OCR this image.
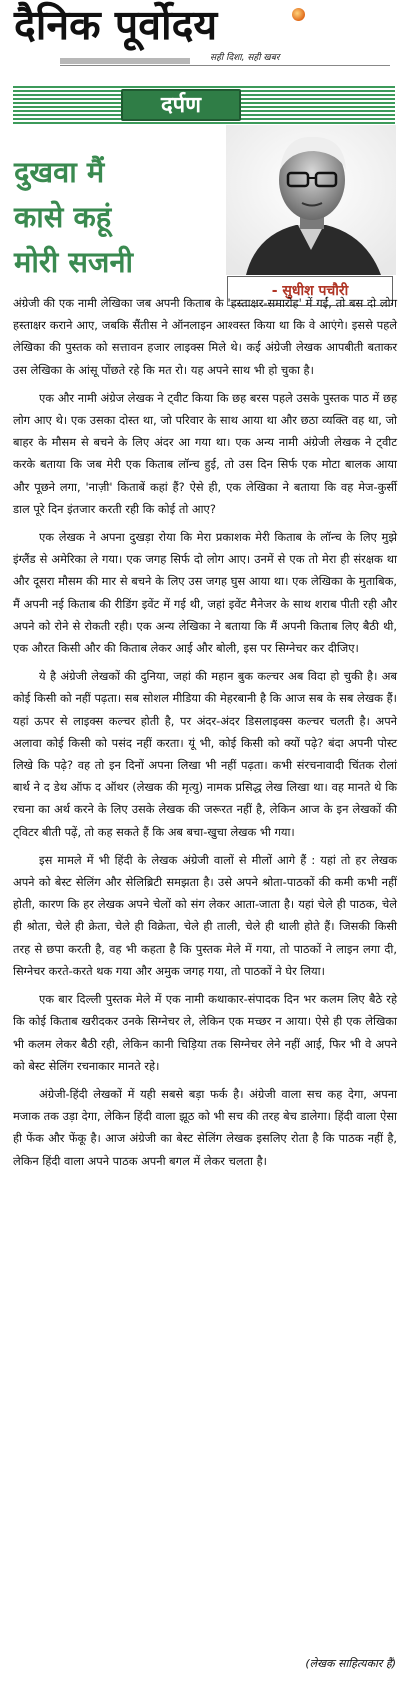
दैनिक पूर्वोदय
सही दिशा, सही खबर
दर्पण
दुखवा मैं
कासे कहूं
मोरी सजनी
- सुधीश पचौरी

अंग्रेजी की एक नामी लेखिका जब अपनी किताब के 'हस्ताक्षर-समारोह' में गईं, तो बस दो लोग हस्ताक्षर कराने आए, जबकि सैंतीस ने ऑनलाइन आश्वस्त किया था कि वे आएंगे। इससे पहले लेखिका की पुस्तक को सत्तावन हजार लाइक्स मिले थे। कई अंग्रेजी लेखक आपबीती बताकर उस लेखिका के आंसू पोंछते रहे कि मत रो। यह अपने साथ भी हो चुका है।

एक और नामी अंग्रेज लेखक ने ट्वीट किया कि छह बरस पहले उसके पुस्तक पाठ में छह लोग आए थे। एक उसका दोस्त था, जो परिवार के साथ आया था और छठा व्यक्ति वह था, जो बाहर के मौसम से बचने के लिए अंदर आ गया था। एक अन्य नामी अंग्रेजी लेखक ने ट्वीट करके बताया कि जब मेरी एक किताब लॉन्च हुई, तो उस दिन सिर्फ एक मोटा बालक आया और पूछने लगा, 'नाज़ी' किताबें कहां हैं? ऐसे ही, एक लेखिका ने बताया कि वह मेज-कुर्सी डाल पूरे दिन इंतजार करती रही कि कोई तो आए?

एक लेखक ने अपना दुखड़ा रोया कि मेरा प्रकाशक मेरी किताब के लॉन्च के लिए मुझे इंग्लैंड से अमेरिका ले गया। एक जगह सिर्फ दो लोग आए। उनमें से एक तो मेरा ही संरक्षक था और दूसरा मौसम की मार से बचने के लिए उस जगह घुस आया था। एक लेखिका के मुताबिक, मैं अपनी नई किताब की रीडिंग इवेंट में गई थी, जहां इवेंट मैनेजर के साथ शराब पीती रही और अपने को रोने से रोकती रही। एक अन्य लेखिका ने बताया कि मैं अपनी किताब लिए बैठी थी, एक औरत किसी और की किताब लेकर आई और बोली, इस पर सिग्नेचर कर दीजिए।

ये है अंग्रेजी लेखकों की दुनिया, जहां की महान बुक कल्चर अब विदा हो चुकी है। अब कोई किसी को नहीं पढ़ता। सब सोशल मीडिया की मेहरबानी है कि आज सब के सब लेखक हैं। यहां ऊपर से लाइक्स कल्चर होती है, पर अंदर-अंदर डिसलाइक्स कल्चर चलती है। अपने अलावा कोई किसी को पसंद नहीं करता। यूं भी, कोई किसी को क्यों पढ़े? बंदा अपनी पोस्ट लिखे कि पढ़े? वह तो इन दिनों अपना लिखा भी नहीं पढ़ता। कभी संरचनावादी चिंतक रोलां बार्थ ने द डेथ ऑफ द ऑथर (लेखक की मृत्यु) नामक प्रसिद्ध लेख लिखा था। वह मानते थे कि रचना का अर्थ करने के लिए उसके लेखक की जरूरत नहीं है, लेकिन आज के इन लेखकों की ट्विटर बीती पढ़ें, तो कह सकते हैं कि अब बचा-खुचा लेखक भी गया।

इस मामले में भी हिंदी के लेखक अंग्रेजी वालों से मीलों आगे हैं : यहां तो हर लेखक अपने को बेस्ट सेलिंग और सेलिब्रिटी समझता है। उसे अपने श्रोता-पाठकों की कमी कभी नहीं होती, कारण कि हर लेखक अपने चेलों को संग लेकर आता-जाता है। यहां चेले ही पाठक, चेले ही श्रोता, चेले ही क्रेता, चेले ही विक्रेता, चेले ही ताली, चेले ही थाली होते हैं। जिसकी किसी तरह से छपा करती है, वह भी कहता है कि पुस्तक मेले में गया, तो पाठकों ने लाइन लगा दी, सिग्नेचर करते-करते थक गया और अमुक जगह गया, तो पाठकों ने घेर लिया।

एक बार दिल्ली पुस्तक मेले में एक नामी कथाकार-संपादक दिन भर कलम लिए बैठे रहे कि कोई किताब खरीदकर उनके सिग्नेचर ले, लेकिन एक मच्छर न आया। ऐसे ही एक लेखिका भी कलम लेकर बैठी रही, लेकिन कानी चिड़िया तक सिग्नेचर लेने नहीं आई, फिर भी वे अपने को बेस्ट सेलिंग रचनाकार मानते रहे।

अंग्रेजी-हिंदी लेखकों में यही सबसे बड़ा फर्क है। अंग्रेजी वाला सच कह देगा, अपना मजाक तक उड़ा देगा, लेकिन हिंदी वाला झूठ को भी सच की तरह बेच डालेगा। हिंदी वाला ऐसा ही फेंक और फेंकू है। आज अंग्रेजी का बेस्ट सेलिंग लेखक इसलिए रोता है कि पाठक नहीं है, लेकिन हिंदी वाला अपने पाठक अपनी बगल में लेकर चलता है।

(लेखक साहित्यकार हैं)
